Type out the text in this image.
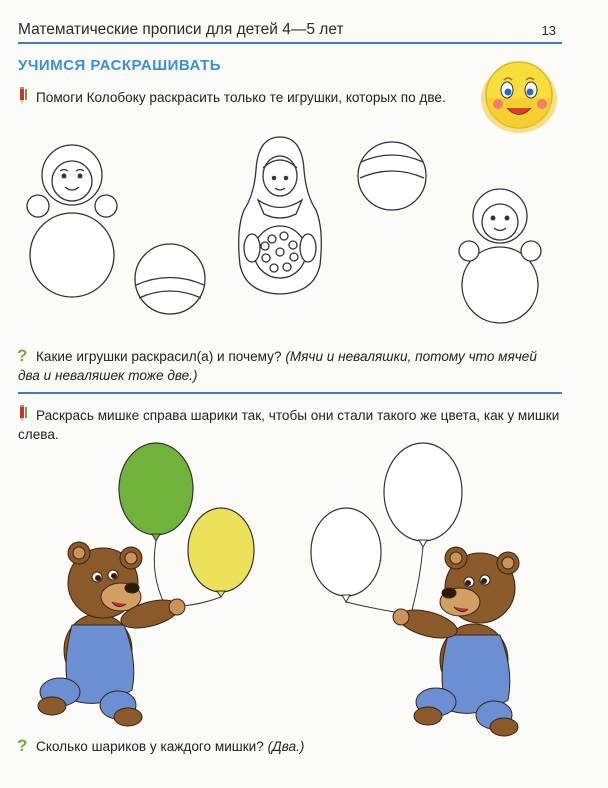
Математические прописи для детей 4—5 лет	13
УЧИМСЯ РАСКРАШИВАТЬ
?
?
Помоги Колобоку раскрасить только те игрушки, которых по две.
Какие игрушки раскрасил(а) и почему? (Мячи и неваляшки, потому что мячей
два и неваляшек тоже две.)
Раскрась мишке справа шарики так, чтобы они стали такого же цвета, как у мишки
слева.
Сколько шариков у каждого мишки? (Два.)
